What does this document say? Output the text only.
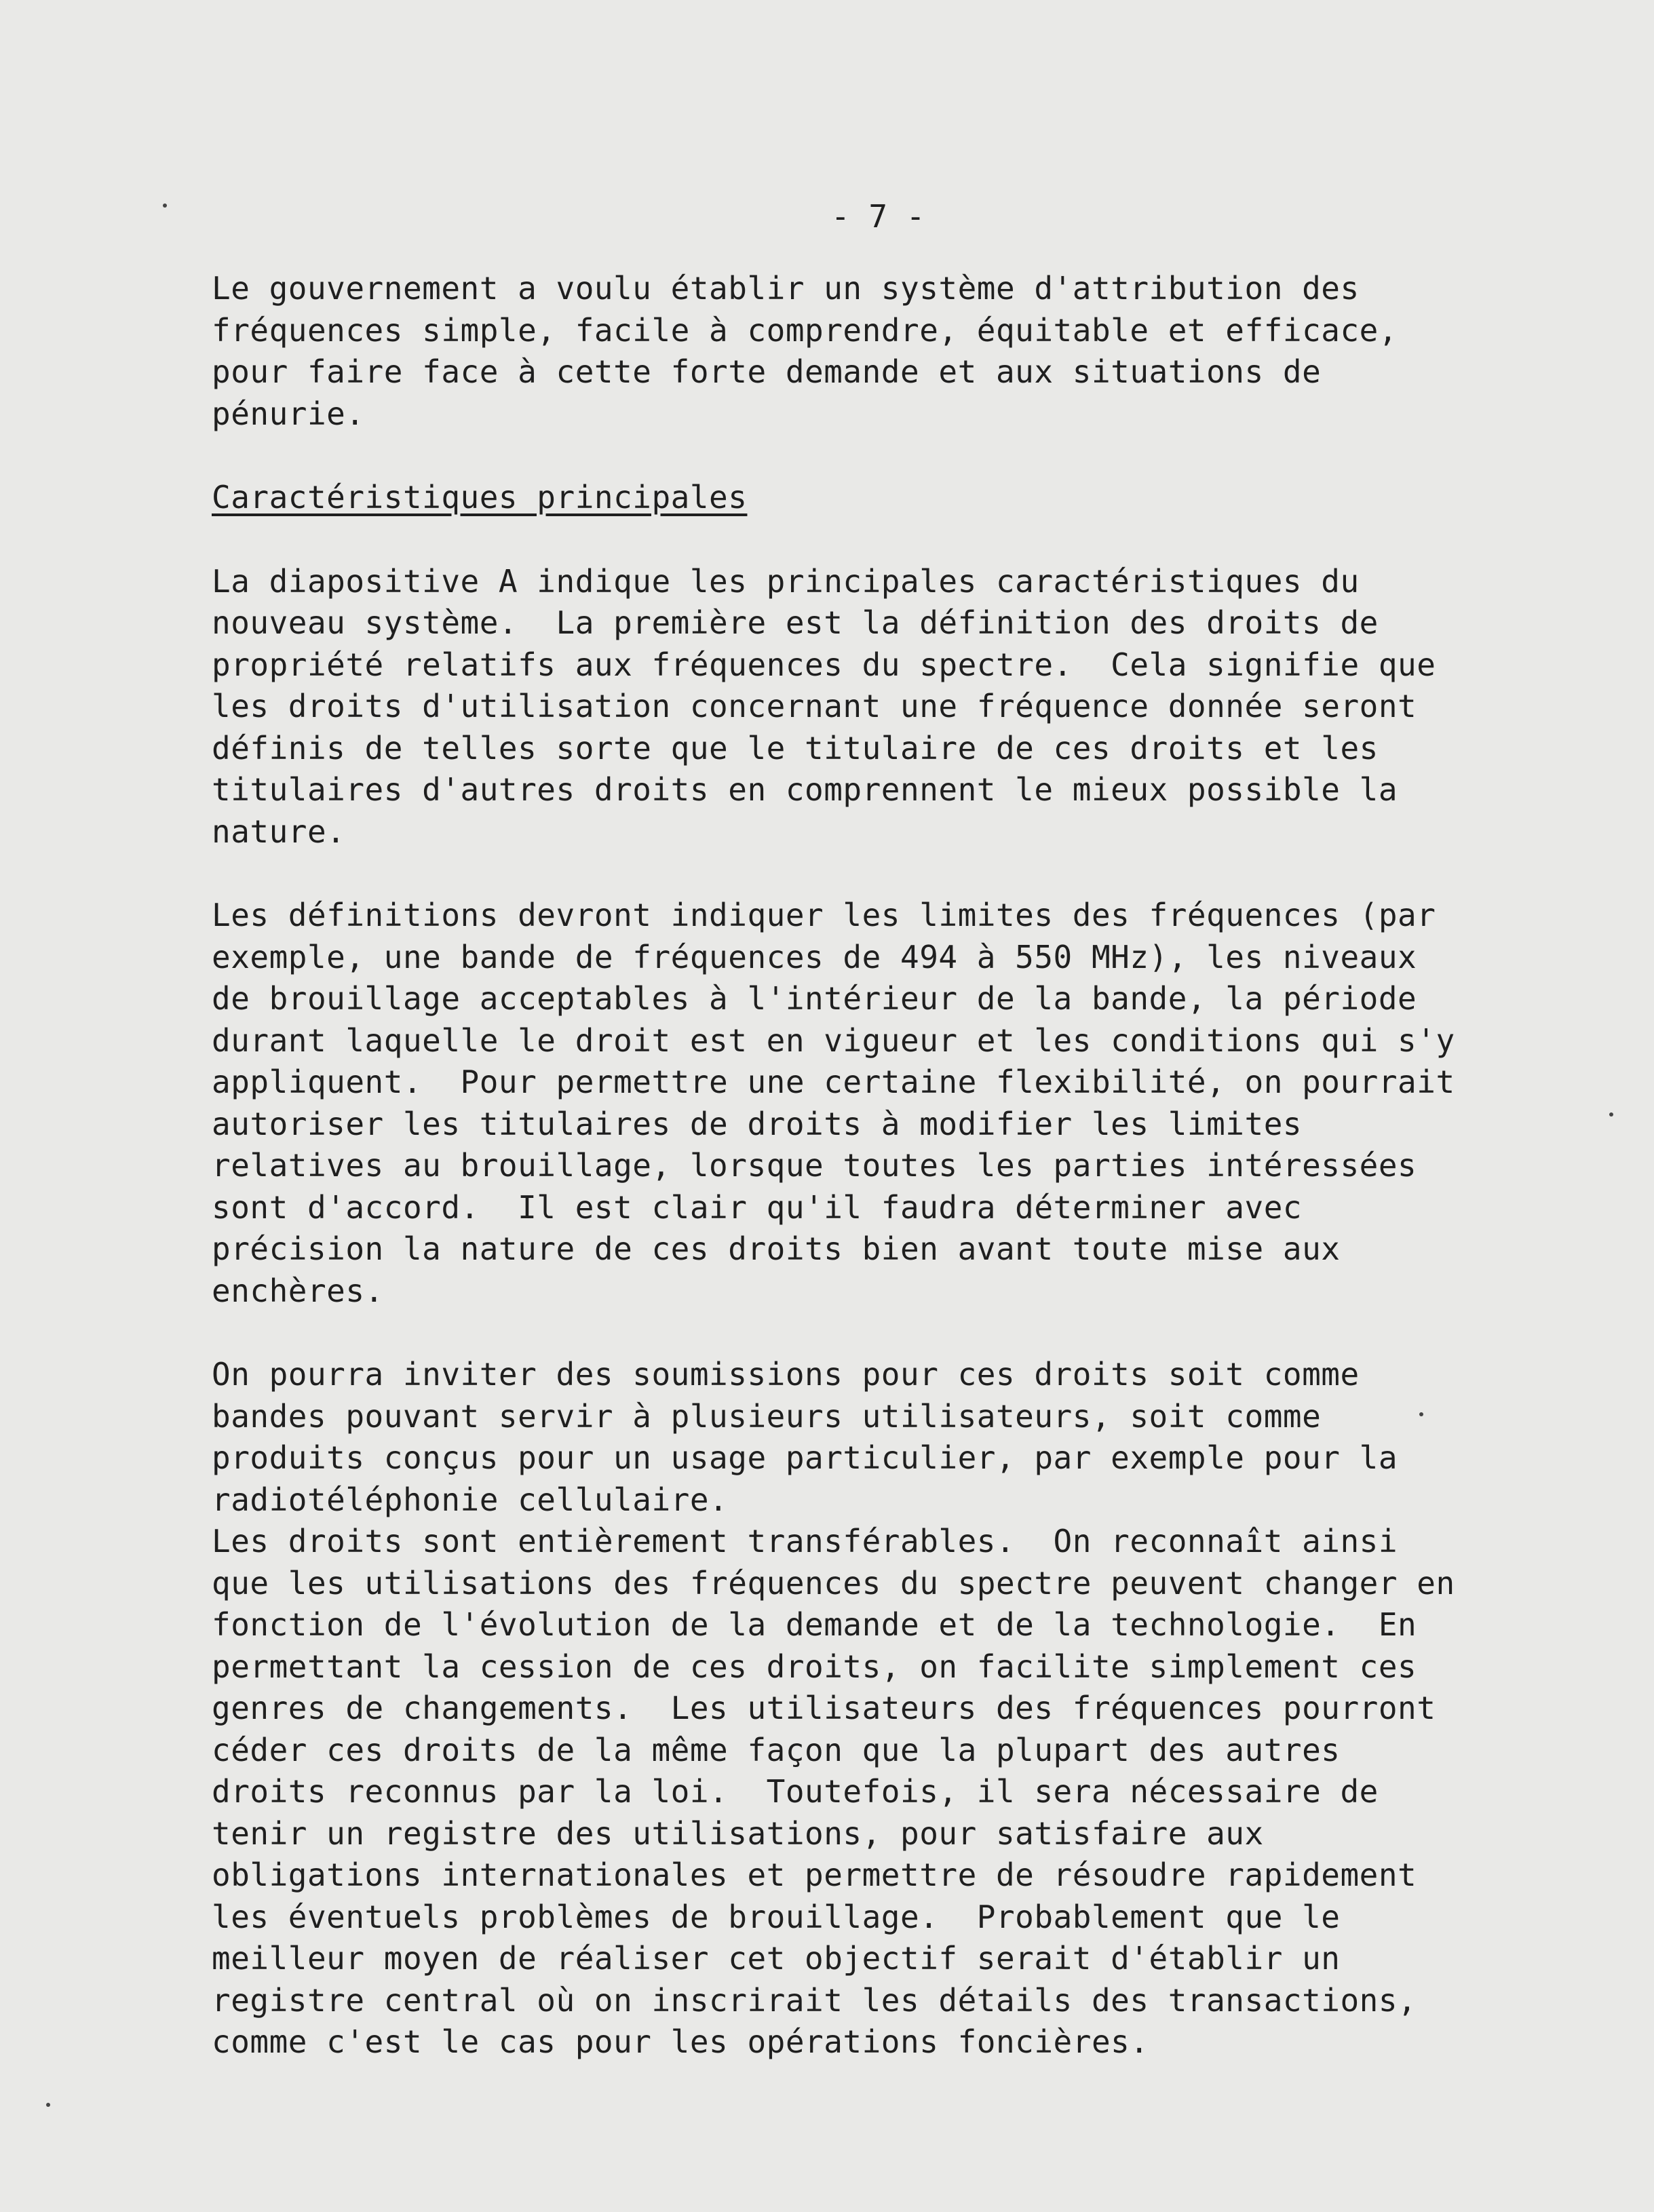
- 7 -
Le gouvernement a voulu établir un système d'attribution des
fréquences simple, facile à comprendre, équitable et efficace,
pour faire face à cette forte demande et aux situations de
pénurie.
Caractéristiques principales
La diapositive A indique les principales caractéristiques du
nouveau système.  La première est la définition des droits de
propriété relatifs aux fréquences du spectre.  Cela signifie que
les droits d'utilisation concernant une fréquence donnée seront
définis de telles sorte que le titulaire de ces droits et les
titulaires d'autres droits en comprennent le mieux possible la
nature.
Les définitions devront indiquer les limites des fréquences (par
exemple, une bande de fréquences de 494 à 550 MHz), les niveaux
de brouillage acceptables à l'intérieur de la bande, la période
durant laquelle le droit est en vigueur et les conditions qui s'y
appliquent.  Pour permettre une certaine flexibilité, on pourrait
autoriser les titulaires de droits à modifier les limites
relatives au brouillage, lorsque toutes les parties intéressées
sont d'accord.  Il est clair qu'il faudra déterminer avec
précision la nature de ces droits bien avant toute mise aux
enchères.
On pourra inviter des soumissions pour ces droits soit comme
bandes pouvant servir à plusieurs utilisateurs, soit comme
produits conçus pour un usage particulier, par exemple pour la
radiotéléphonie cellulaire.
Les droits sont entièrement transférables.  On reconnaît ainsi
que les utilisations des fréquences du spectre peuvent changer en
fonction de l'évolution de la demande et de la technologie.  En
permettant la cession de ces droits, on facilite simplement ces
genres de changements.  Les utilisateurs des fréquences pourront
céder ces droits de la même façon que la plupart des autres
droits reconnus par la loi.  Toutefois, il sera nécessaire de
tenir un registre des utilisations, pour satisfaire aux
obligations internationales et permettre de résoudre rapidement
les éventuels problèmes de brouillage.  Probablement que le
meilleur moyen de réaliser cet objectif serait d'établir un
registre central où on inscrirait les détails des transactions,
comme c'est le cas pour les opérations foncières.
